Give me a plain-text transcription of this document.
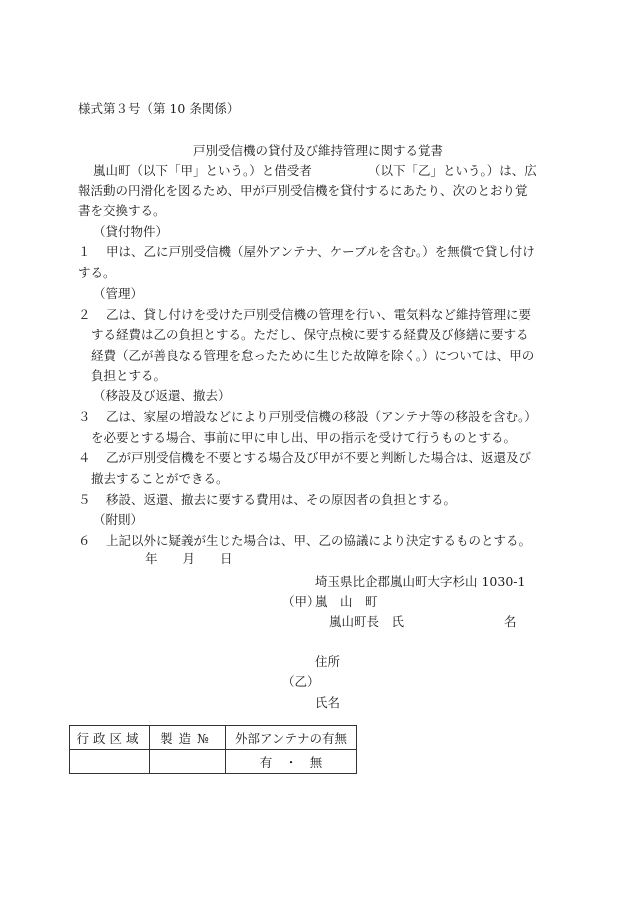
様式第３号（第 10 条関係）
戸別受信機の貸付及び維持管理に関する覚書
嵐山町（以下「甲」という。）と借受者　　　　　（以下「乙」という。）は、広
報活動の円滑化を図るため、甲が戸別受信機を貸付するにあたり、次のとおり覚
書を交換する。
（貸付物件）
１ 甲は、乙に戸別受信機（屋外アンテナ、ケーブルを含む。）を無償で貸し付け
する。
（管理）
２ 乙は、貸し付けを受けた戸別受信機の管理を行い、電気料など維持管理に要
する経費は乙の負担とする。ただし、保守点検に要する経費及び修繕に要する
経費（乙が善良なる管理を怠ったために生じた故障を除く。）については、甲の
負担とする。
（移設及び返還、撤去）
３ 乙は、家屋の増設などにより戸別受信機の移設（アンテナ等の移設を含む。）
を必要とする場合、事前に甲に申し出、甲の指示を受けて行うものとする。
４ 乙が戸別受信機を不要とする場合及び甲が不要と判断した場合は、返還及び
撤去することができる。
５ 移設、返還、撤去に要する費用は、その原因者の負担とする。
（附則）
６ 上記以外に疑義が生じた場合は、甲、乙の協議により決定するものとする。
年　　月　　日
埼玉県比企郡嵐山町大字杉山 1030-1
（甲）
嵐　山　町
嵐山町長　氏　　　　　　　　名
住所
（乙）
氏名
行政区域	製造№	外部アンテナの有無
		有　・　無
